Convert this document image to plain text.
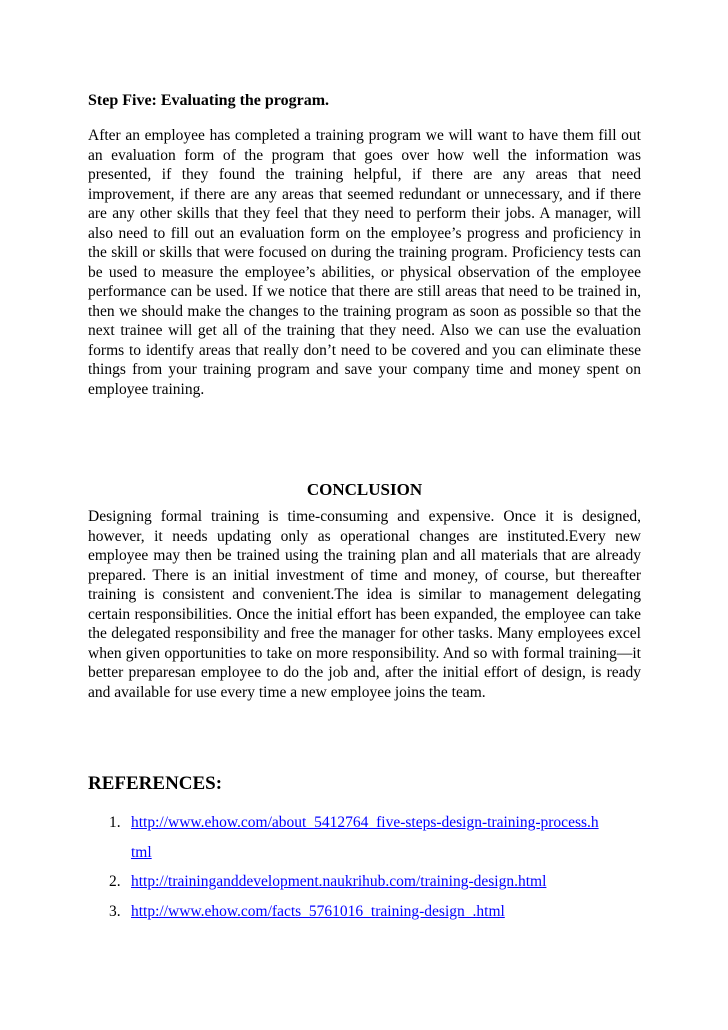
Step Five: Evaluating the program.

After an employee has completed a training program we will want to have them fill out an evaluation form of the program that goes over how well the information was presented, if they found the training helpful, if there are any areas that need improvement, if there are any areas that seemed redundant or unnecessary, and if there are any other skills that they feel that they need to perform their jobs. A manager, will also need to fill out an evaluation form on the employee’s progress and proficiency in the skill or skills that were focused on during the training program. Proficiency tests can be used to measure the employee’s abilities, or physical observation of the employee performance can be used. If we notice that there are still areas that need to be trained in, then we should make the changes to the training program as soon as possible so that the next trainee will get all of the training that they need. Also we can use the evaluation forms to identify areas that really don’t need to be covered and you can eliminate these things from your training program and save your company time and money spent on employee training.

CONCLUSION

Designing formal training is time-consuming and expensive. Once it is designed, however, it needs updating only as operational changes are instituted.Every new employee may then be trained using the training plan and all materials that are already prepared. There is an initial investment of time and money, of course, but thereafter training is consistent and convenient.The idea is similar to management delegating certain responsibilities. Once the initial effort has been expanded, the employee can take the delegated responsibility and free the manager for other tasks. Many employees excel when given opportunities to take on more responsibility. And so with formal training—it better preparesan employee to do the job and, after the initial effort of design, is ready and available for use every time a new employee joins the team.

REFERENCES:
1. http://www.ehow.com/about_5412764_five-steps-design-training-process.html
2. http://traininganddevelopment.naukrihub.com/training-design.html
3. http://www.ehow.com/facts_5761016_training-design_.html
